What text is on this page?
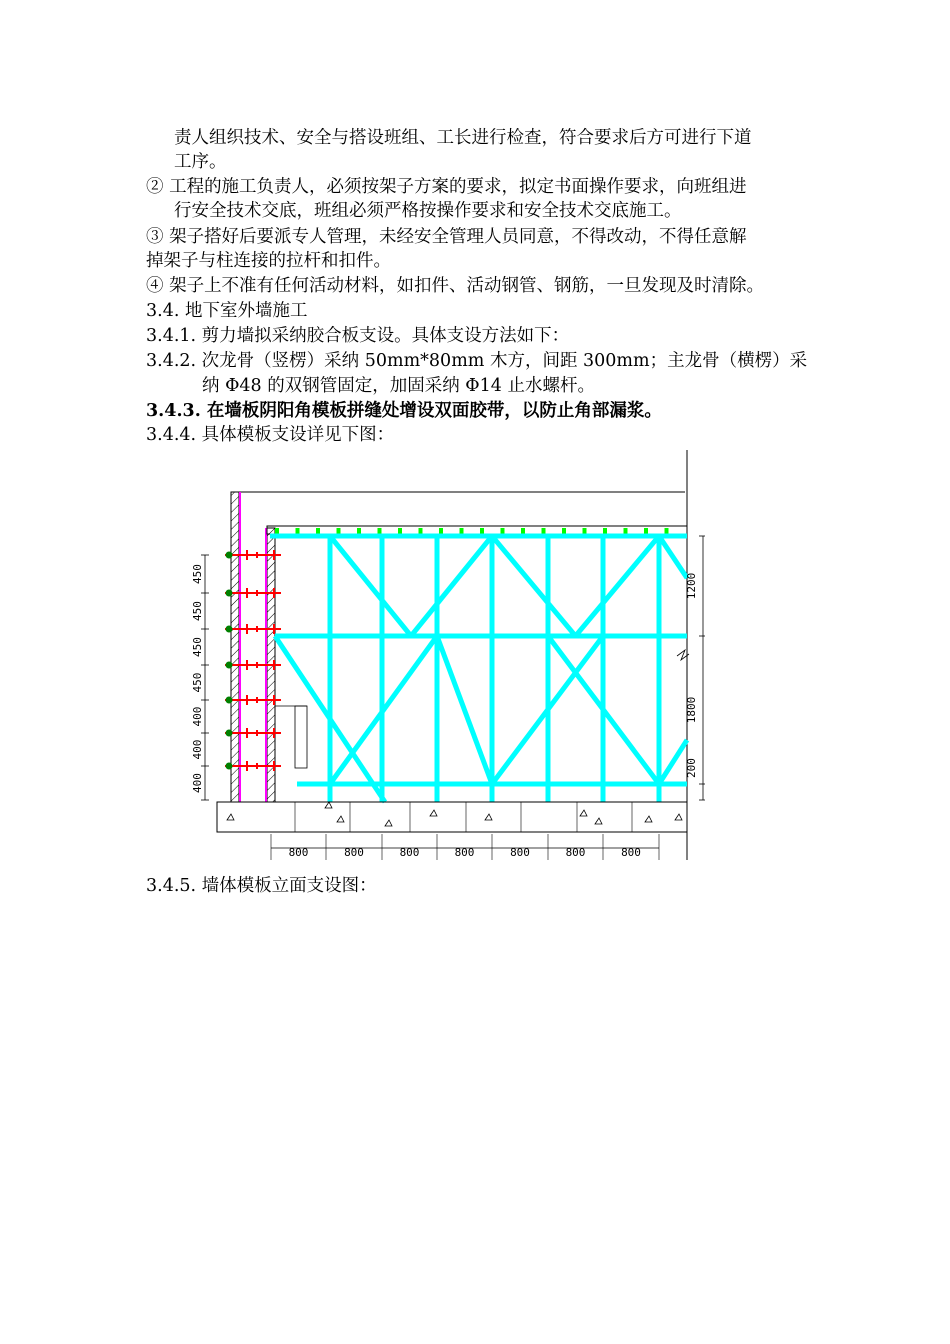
责人组织技术、安全与搭设班组、工长进行检查，符合要求后方可进行下道
工序。
② 工程的施工负责人，必须按架子方案的要求，拟定书面操作要求，向班组进
行安全技术交底，班组必须严格按操作要求和安全技术交底施工。
③ 架子搭好后要派专人管理，未经安全管理人员同意，不得改动，不得任意解
掉架子与柱连接的拉杆和扣件。
④ 架子上不准有任何活动材料，如扣件、活动钢管、钢筋，一旦发现及时清除。
3.4. 地下室外墙施工
3.4.1. 剪力墙拟采纳胶合板支设。具体支设方法如下：
3.4.2. 次龙骨（竖楞）采纳 50mm*80mm 木方，间距 300mm；主龙骨（横楞）采
纳 Φ48 的双钢管固定，加固采纳 Φ14 止水螺杆。
3.4.3. 在墙板阴阳角模板拼缝处增设双面胶带，以防止角部漏浆。
3.4.4. 具体模板支设详见下图：
450
450
450
450
400
400
400
1200
1800
200
800	800	800	800	800	800	800
3.4.5. 墙体模板立面支设图：
